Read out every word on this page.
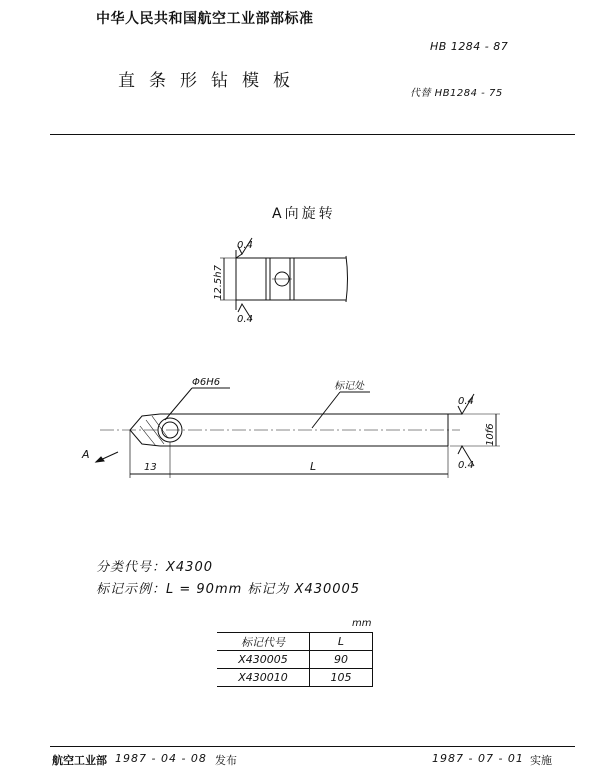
中华人民共和国航空工业部部标准
HB 1284 - 87
直条形钻模板
代替 HB1284 - 75
A向旋转
0.4
0.4
12.5h7
Φ6H6	标记处
0.4
10f6
0.4
13	L
A
分类代号：X4300
标记示例：L = 90mm 标记为 X430005
mm
标记代号	L
X430005	90
X430010	105
航空工业部 1987 - 04 - 08 发布	1987 - 07 - 01 实施
